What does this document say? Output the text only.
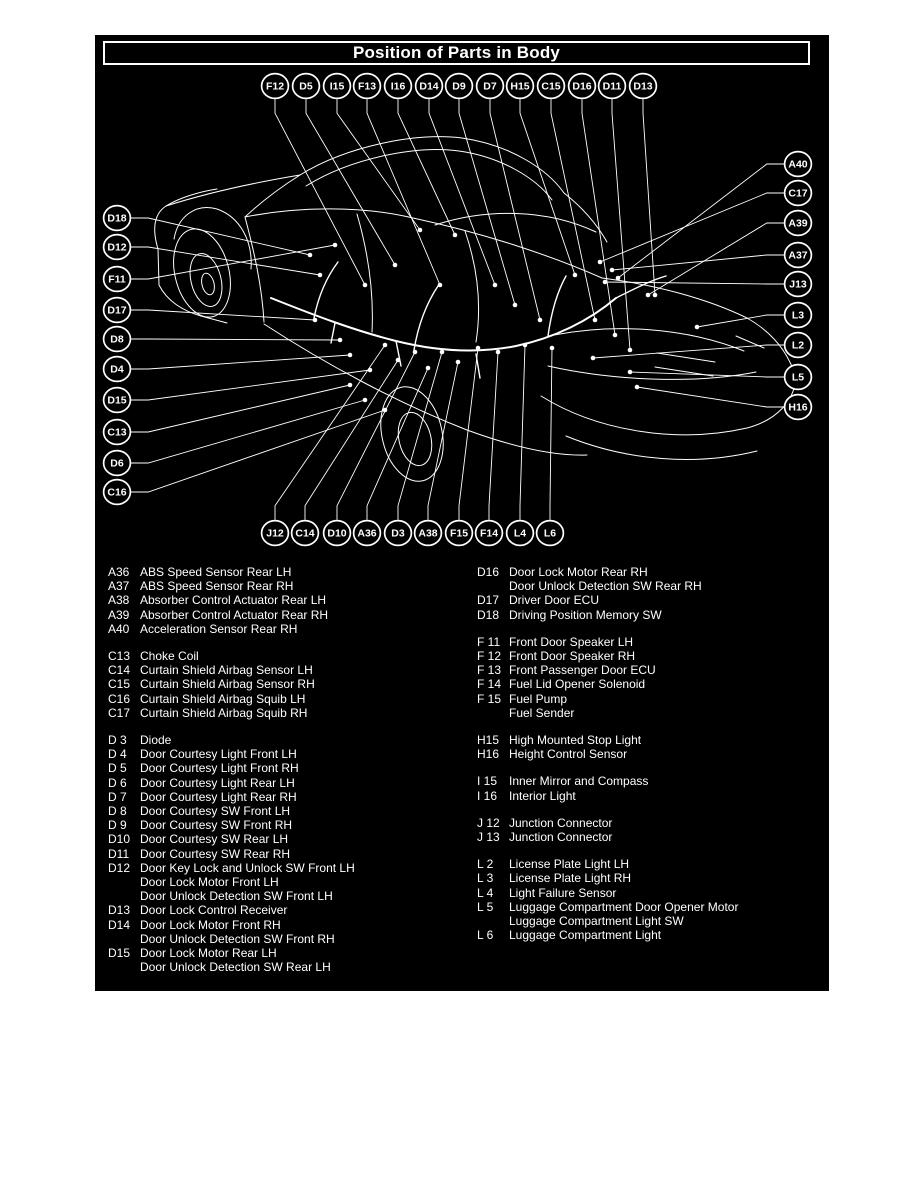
F12 D5 I15 F13 I16 D14 D9 D7 H15 C15 D16 D11 D13
D18
D12
F11
D17
D8
D4
D15
C13
D6
C16
A40
C17
A39
A37
J13
L3
L2
L5
H16
J12 C14 D10 A36 D3 A38 F15 F14 L4 L6
Position of Parts in Body
A36 ABS Speed Sensor Rear LH
A37 ABS Speed Sensor Rear RH
A38 Absorber Control Actuator Rear LH
A39 Absorber Control Actuator Rear RH
A40 Acceleration Sensor Rear RH
C13 Choke Coil
C14 Curtain Shield Airbag Sensor LH
C15 Curtain Shield Airbag Sensor RH
C16 Curtain Shield Airbag Squib LH
C17 Curtain Shield Airbag Squib RH
D 3 Diode
D 4 Door Courtesy Light Front LH
D 5 Door Courtesy Light Front RH
D 6 Door Courtesy Light Rear LH
D 7 Door Courtesy Light Rear RH
D 8 Door Courtesy SW Front LH
D 9 Door Courtesy SW Front RH
D10 Door Courtesy SW Rear LH
D11 Door Courtesy SW Rear RH
D12 Door Key Lock and Unlock SW Front LH
Door Lock Motor Front LH
Door Unlock Detection SW Front LH
D13 Door Lock Control Receiver
D14 Door Lock Motor Front RH
Door Unlock Detection SW Front RH
D15 Door Lock Motor Rear LH
Door Unlock Detection SW Rear LH
D16 Door Lock Motor Rear RH
Door Unlock Detection SW Rear RH
D17 Driver Door ECU
D18 Driving Position Memory SW
F 11 Front Door Speaker LH
F 12 Front Door Speaker RH
F 13 Front Passenger Door ECU
F 14 Fuel Lid Opener Solenoid
F 15 Fuel Pump
Fuel Sender
H15 High Mounted Stop Light
H16 Height Control Sensor
I 15 Inner Mirror and Compass
I 16 Interior Light
J 12 Junction Connector
J 13 Junction Connector
L 2 License Plate Light LH
L 3 License Plate Light RH
L 4 Light Failure Sensor
L 5 Luggage Compartment Door Opener Motor
Luggage Compartment Light SW
L 6 Luggage Compartment Light
